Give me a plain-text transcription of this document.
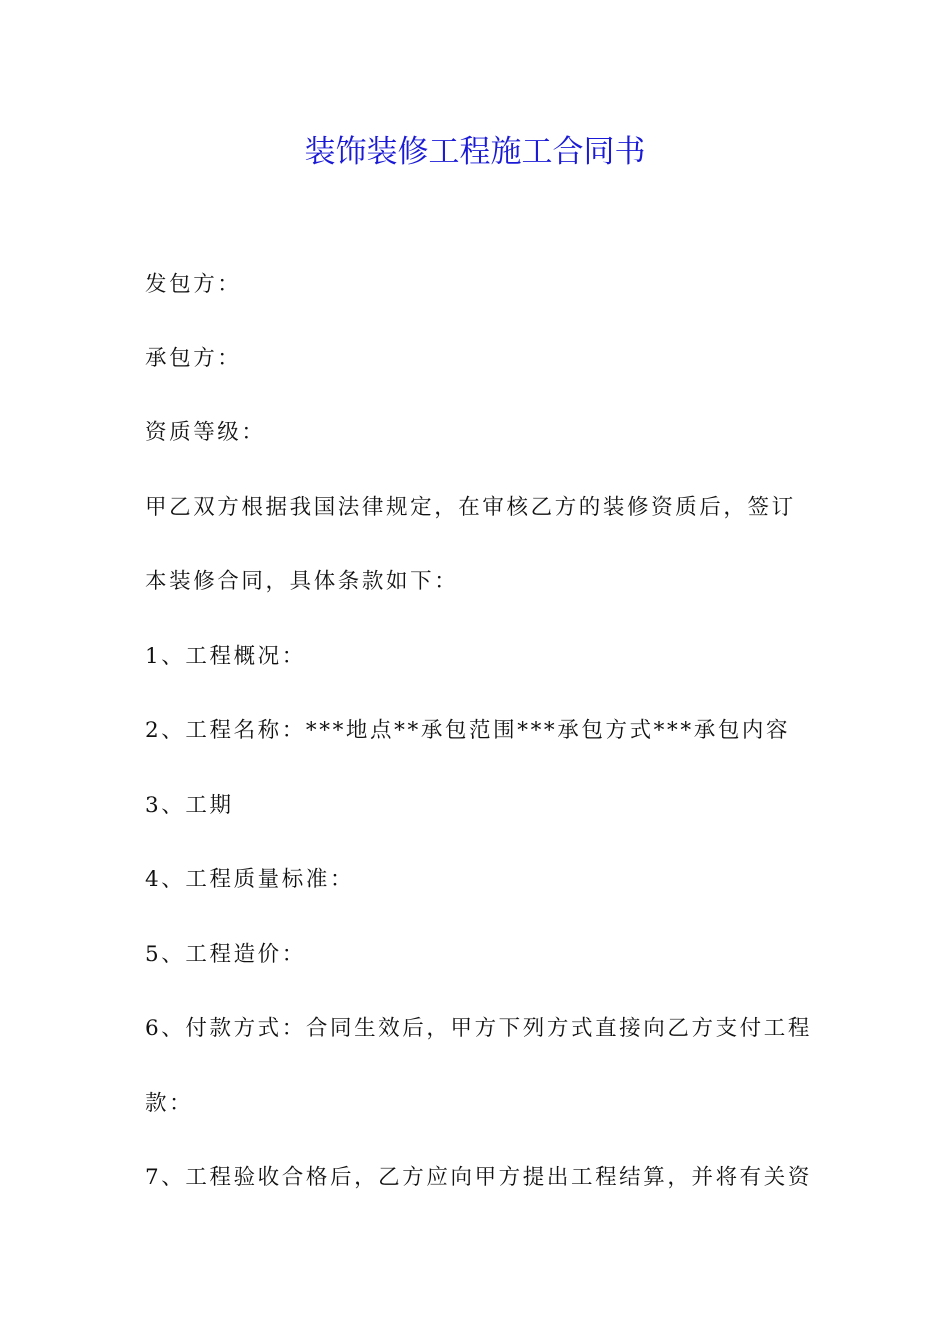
装饰装修工程施工合同书
发包方：
承包方：
资质等级：
甲乙双方根据我国法律规定，在审核乙方的装修资质后，签订
本装修合同，具体条款如下：
1、工程概况：
2、工程名称：***地点**承包范围***承包方式***承包内容
3、工期
4、工程质量标准：
5、工程造价：
6、付款方式：合同生效后，甲方下列方式直接向乙方支付工程
款：
7、工程验收合格后，乙方应向甲方提出工程结算，并将有关资
